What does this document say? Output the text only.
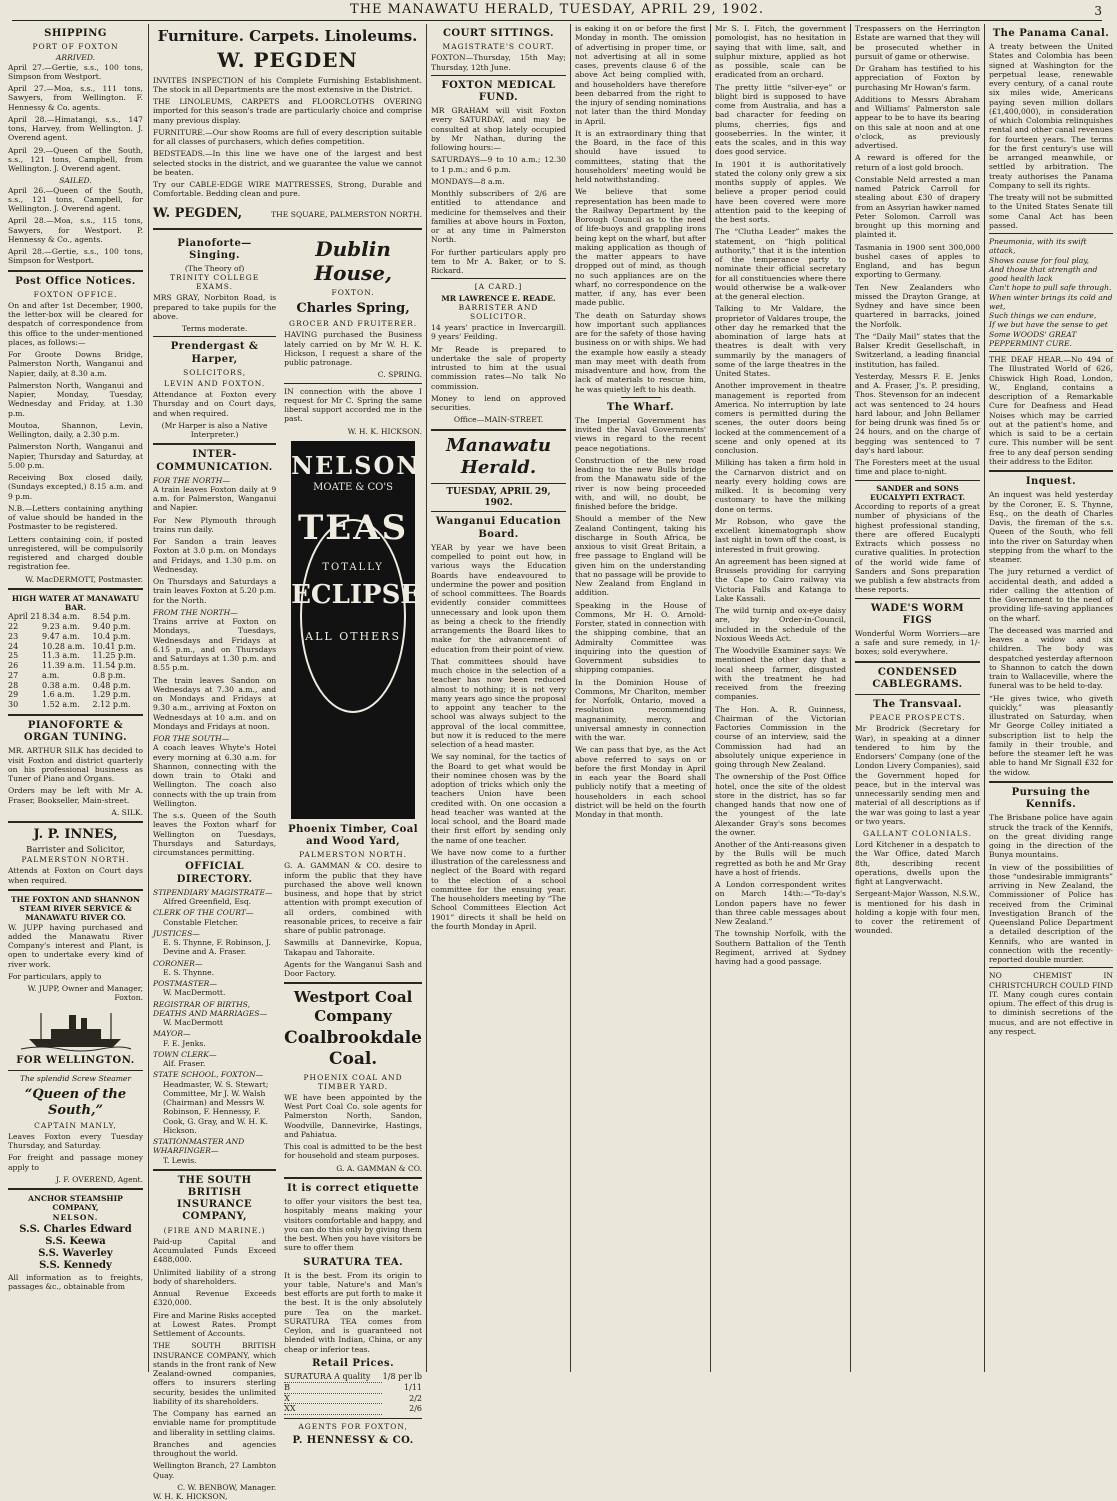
THE MANAWATU HERALD, TUESDAY, APRIL 29, 1902.	3
SHIPPING
PORT OF FOXTON
ARRIVED.

April 27.—Gertie, s.s., 100 tons, Simpson from Westport.

April 27.—Moa, s.s., 111 tons, Sawyers, from Wellington. F. Hennessy & Co. agents.

April 28.—Himatangi, s.s., 147 tons, Harvey, from Wellington. J. Overend agent.

April 29.—Queen of the South, s.s., 121 tons, Campbell, from Wellington. J. Overend agent.

SAILED.

April 26.—Queen of the South, s.s., 121 tons, Campbell, for Wellington. J. Overend agent.

April 28.—Moa, s.s., 115 tons, Sawyers, for Westport. P. Hennessy & Co., agents.

April 28.—Gertie, s.s., 100 tons, Simpson for Westport.

Post Office Notices.
FOXTON OFFICE.

On and after 1st December, 1900, the letter-box will be cleared for despatch of correspondence from this office to the under-mentioned places, as follows:—

For Groote Downs Bridge, Palmerston North, Wanganui and Napier, daily, at 8.30 a.m.

Palmerston North, Wanganui and Napier, Monday, Tuesday, Wednesday and Friday, at 1.30 p.m.

Moutoa, Shannon, Levin, Wellington, daily, a 2.30 p.m.

Palmerston North, Wanganui and Napier, Thursday and Saturday, at 5.00 p.m.

Receiving Box closed daily, (Sundays excepted,) 8.15 a.m. and 9 p.m.

N.B.—Letters containing anything of value should be handed in the Postmaster to be registered.

Letters containing coin, if posted unregistered, will be compulsorily registered and charged double registration fee.

W. MacDERMOTT, Postmaster.
HIGH WATER AT MANAWATU BAR.
April 21 8.34 a.m.	8.54 p.m.
22	9.23 a.m.	9.40 p.m.
23	9.47 a.m.	10.4 p.m.
24	10.28 a.m. 10.41 p.m.
25	11.3 a.m.	11.25 p.m.
26	11.39 a.m. 11.54 p.m.
27	a.m.	0.8 p.m.
28	0.38 a.m.	0.48 p.m.
29	1.6 a.m.	1.29 p.m.
30	1.52 a.m.	2.12 p.m.
PIANOFORTE & ORGAN TUNING.

MR. ARTHUR SILK has decided to visit Foxton and district quarterly on his professional business as Tuner of Piano and Organs.

Orders may be left with Mr A. Fraser, Bookseller, Main-street.

A. SILK.
J. P. INNES,
Barrister and Solicitor,
PALMERSTON NORTH.

Attends at Foxton on Court days when required.

THE FOXTON AND SHANNON STEAM RIVER SERVICE & MANAWATU RIVER CO.

W. JUPP having purchased and added the Manawatu River Company's interest and Plant, is open to undertake every kind of river work.

For particulars, apply to

W. JUPP, Owner and Manager, Foxton.
FOR WELLINGTON.
The splendid Screw Steamer
“Queen of the South,”
CAPTAIN MANLY,

Leaves Foxton every Tuesday Thursday, and Saturday.

For freight and passage money apply to

J. F. OVEREND, Agent.
ANCHOR STEAMSHIP COMPANY,
NELSON.
S.S. Charles Edward
S.S. Keewa
S.S. Waverley
S.S. Kennedy

All information as to freights, passages &c., obtainable from

Furniture. Carpets. Linoleums.
W. PEGDEN

INVITES INSPECTION of his Complete Furnishing Establishment. The stock in all Departments are the most extensive in the District.

THE LINOLEUMS, CARPETS and FLOORCLOTHS OVERING imported for this season's trade are particularly choice and comprise many previous display.

FURNITURE.—Our show Rooms are full of every description suitable for all classes of purchasers, which defies competition.

BEDSTEADS.—In this line we have one of the largest and best selected stocks in the district, and we guarantee the value we cannot be beaten.

Try our CABLE-EDGE WIRE MATTRESSES, Strong, Durable and Comfortable. Bedding clean and pure.

W. PEGDEN,	THE SQUARE, PALMERSTON NORTH.
Pianoforte—Singing.
(The Theory of)
TRINITY COLLEGE EXAMS.

MRS GRAY, Norbiton Road, is prepared to take pupils for the above.

Terms moderate.
Prendergast & Harper,
SOLICITORS,
LEVIN AND FOXTON.

Attendance at Foxton every Thursday and on Court days, and when required.

(Mr Harper is also a Native Interpreter.)

INTER-COMMUNICATION.
FOR THE NORTH—

A train leaves Foxton daily at 9 a.m. for Palmerston, Wanganui and Napier.

For New Plymouth through trains run daily.

For Sandon a train leaves Foxton at 3.0 p.m. on Mondays and Fridays, and 1.30 p.m. on Wednesday.

On Thursdays and Saturdays a train leaves Foxton at 5.20 p.m. for the North.

FROM THE NORTH—

Trains arrive at Foxton on Mondays, Tuesdays, Wednesdays and Fridays at 6.15 p.m., and on Thursdays and Saturdays at 1.30 p.m. and 8.55 p.m.

The train leaves Sandon on Wednesdays at 7.30 a.m., and on Mondays and Fridays at 9.30 a.m., arriving at Foxton on Wednesdays at 10 a.m. and on Mondays and Fridays at noon.

FOR THE SOUTH—

A coach leaves Whyte's Hotel every morning at 6.30 a.m. for Shannon, connecting with the down train to Otaki and Wellington. The coach also connects with the up train from Wellington.

The s.s. Queen of the South leaves the Foxton wharf for Wellington on Tuesdays, Thursdays and Saturdays, circumstances permitting.

OFFICIAL DIRECTORY.
STIPENDIARY MAGISTRATE—
Alfred Greenfield, Esq.
CLERK OF THE COURT—
Constable Fletcher.
JUSTICES—
E. S. Thynne, F. Robinson, J. Devine and A. Fraser.
CORONER—
E. S. Thynne.
POSTMASTER—
W. MacDermott.
REGISTRAR OF BIRTHS, DEATHS AND MARRIAGES—
W. MacDermott
MAYOR—
F. E. Jenks.
TOWN CLERK—
Alf. Fraser.
STATE SCHOOL, FOXTON—
Headmaster, W. S. Stewart; Committee, Mr J. W. Walsh (Chairman) and Messrs W. Robinson, F. Hennessy, F. Cook, G. Gray, and W. H. K. Hickson.
STATIONMASTER AND WHARFINGER—
T. Lewis.
THE SOUTH BRITISH INSURANCE COMPANY,
(FIRE AND MARINE.)

Paid-up Capital and Accumulated Funds Exceed £488,000.

Unlimited liability of a strong body of shareholders.

Annual Revenue Exceeds £320,000.

Fire and Marine Risks accepted at Lowest Rates. Prompt Settlement of Accounts.

THE SOUTH BRITISH INSURANCE COMPANY, which stands in the front rank of New Zealand-owned companies, offers to insurers sterling security, besides the unlimited liability of its shareholders.

The Company has earned an enviable name for promptitude and liberality in settling claims.

Branches and agencies throughout the world.

Wellington Branch, 27 Lambton Quay.

C. W. BENBOW, Manager.
W. H. K. HICKSON,
Dublin House,
FOXTON.
Charles Spring,
GROCER AND FRUITERER.

HAVING purchased the Business lately carried on by Mr W. H. K. Hickson, I request a share of the public patronage.

C. SPRING.

IN connection with the above I request for Mr C. Spring the same liberal support accorded me in the past.

W. H. K. HICKSON.
NELSON
MOATE & CO'S
TEAS
TOTALLY
ECLIPSE
ALL OTHERS
Phoenix Timber, Coal and Wood Yard,
PALMERSTON NORTH.

G. A. GAMMAN & CO. desire to inform the public that they have purchased the above well known business, and hope that by strict attention with prompt execution of all orders, combined with reasonable prices, to receive a fair share of public patronage.

Sawmills at Dannevirke, Kopua, Takapau and Tahoraite.

Agents for the Wanganui Sash and Door Factory.

Westport Coal Company
Coalbrookdale Coal.
PHOENIX COAL AND TIMBER YARD.

WE have been appointed by the West Port Coal Co. sole agents for Palmerston North, Sandon, Woodville, Dannevirke, Hastings, and Pahiatua.

This coal is admitted to be the best for household and steam purposes.

G. A. GAMMAN & CO.
It is correct etiquette

to offer your visitors the best tea, hospitably means making your visitors comfortable and happy, and you can do this only by giving them the best. When you have visitors be sure to offer them

SURATURA TEA.

It is the best. From its origin to your table, Nature's and Man's best efforts are put forth to make it the best. It is the only absolutely pure Tea on the market. SURATURA TEA comes from Ceylon, and is guaranteed not blended with Indian, China, or any cheap or inferior teas.

Retail Prices.
SURATURA A quality	1/8 per lb
B	1/11
X	2/2
XX	2/6
AGENTS FOR FOXTON,
P. HENNESSY & CO.
COURT SITTINGS.
MAGISTRATE'S COURT.

FOXTON—Thursday, 15th May; Thursday, 12th June.

FOXTON MEDICAL FUND.

MR GRAHAM will visit Foxton every SATURDAY, and may be consulted at shop lately occupied by Mr Nathan, during the following hours:—

SATURDAYS—9 to 10 a.m.; 12.30 to 1 p.m.; and 6 p.m.

MONDAYS—8 a.m.

Monthly subscribers of 2/6 are entitled to attendance and medicine for themselves and their families at above hours in Foxton, or at any time in Palmerston North.

For further particulars apply pro tem to Mr A. Baker, or to S. Rickard.

[A CARD.]
MR LAWRENCE E. READE.
BARRISTER AND SOLICITOR.

14 years' practice in Invercargill. 9 years' Feilding.

Mr Reade is prepared to undertake the sale of property intrusted to him at the usual commission rates—No talk No commission.

Money to lend on approved securities.

Office—MAIN-STREET.
Manawatu Herald.
TUESDAY, APRIL 29, 1902.
Wanganui Education Board.

YEAR by year we have been compelled to point out how, in various ways the Education Boards have endeavoured to undermine the power and position of school committees. The Boards evidently consider committees unnecessary and look upon them as being a check to the friendly arrangements the Board likes to make for the advancement of education from their point of view.

That committees should have much choice in the selection of a teacher has now been reduced almost to nothing; it is not very many years ago since the proposal to appoint any teacher to the school was always subject to the approval of the local committee, but now it is reduced to the mere selection of a head master.

We say nominal, for the tactics of the Board to get what would be their nominee chosen was by the adoption of tricks which only the teachers Union have been credited with. On one occasion a head teacher was wanted at the local school, and the Board made their first effort by sending only the name of one teacher.

We have now come to a further illustration of the carelessness and neglect of the Board with regard to the election of a school committee for the ensuing year. The householders meeting by “The School Committees Election Act 1901” directs it shall be held on the fourth Monday in April.

is eaking it on or before the first Monday in month. The omission of advertising in proper time, or not advertising at all in some cases, prevents clause 6 of the above Act being complied with, and householders have therefore been debarred from the right to the injury of sending nominations not later than the third Monday in April.

It is an extraordinary thing that the Board, in the face of this should have issued to committees, stating that the householders' meeting would be held notwithstanding.

We believe that some representation has been made to the Railway Department by the Borough Council as to the need of life-buoys and grappling irons being kept on the wharf, but after making application as though of the matter appears to have dropped out of mind, as though no such appliances are on the wharf, no correspondence on the matter, if any, has ever been made public.

The death on Saturday shows how important such appliances are for the safety of those having business on or with ships. We had the example how easily a steady man may meet with death from misadventure and how, from the lack of materials to rescue him, he was quietly left to his death.

The Wharf.

The Imperial Government has invited the Naval Governments' views in regard to the recent peace negotiations.

Construction of the new road leading to the new Bulls bridge from the Manawatu side of the river is now being proceeded with, and will, no doubt, be finished before the bridge.

Should a member of the New Zealand Contingent, taking his discharge in South Africa, be anxious to visit Great Britain, a free passage to England will be given him on the understanding that no passage will be provide to New Zealand from England in addition.

Speaking in the House of Commons, Mr H. O. Arnold-Forster, stated in connection with the shipping combine, that an Admiralty Committee was inquiring into the question of Government subsidies to shipping companies.

In the Dominion House of Commons, Mr Charlton, member for Norfolk, Ontario, moved a resolution recommending magnanimity, mercy, and universal amnesty in connection with the war.

We can pass that bye, as the Act above referred to says on or before the first Monday in April in each year the Board shall publicly notify that a meeting of householders in each school district will be held on the fourth Monday in that month.

Mr S. I. Fitch, the government pomologist, has no hesitation in saying that with lime, salt, and sulphur mixture, applied as hot as possible, scale can be eradicated from an orchard.

The pretty little “silver-eye” or blight bird is supposed to have come from Australia, and has a bad character for feeding on plums, cherries, figs and gooseberries. In the winter, it eats the scales, and in this way does good service.

In 1901 it is authoritatively stated the colony only grew a six months supply of apples. We believe a proper period could have been covered were more attention paid to the keeping of the best sorts.

The “Clutha Leader” makes the statement, on “high political authority,” that it is the intention of the temperance party to nominate their official secretary for all constituencies where there would otherwise be a walk-over at the general election.

Talking to Mr Valdare, the proprietor of Valdares troupe, the other day he remarked that the abomination of large hats at theatres is dealt with very summarily by the managers of some of the large theatres in the United States.

Another improvement in theatre management is reported from America. No interruption by late comers is permitted during the scenes, the outer doors being locked at the commencement of a scene and only opened at its conclusion.

Milking has taken a firm hold in the Carnarvon district and on nearly every holding cows are milked. It is becoming very customary to have the milking done on terms.

Mr Robson, who gave the excellent kinematograph show last night in town off the coast, is interested in fruit growing.

An agreement has been signed at Brussels providing for carrying the Cape to Cairo railway via Victoria Falls and Katanga to Lake Kassali.

The wild turnip and ox-eye daisy are, by Order-in-Council, included in the schedule of the Noxious Weeds Act.

The Woodville Examiner says: We mentioned the other day that a local sheep farmer, disgusted with the treatment he had received from the freezing companies.

The Hon. A. R. Guinness, Chairman of the Victorian Factories Commission in the course of an interview, said the Commission had had an absolutely unique experience in going through New Zealand.

The ownership of the Post Office hotel, once the site of the oldest store in the district, has so far changed hands that now one of the youngest of the late Alexander Gray's sons becomes the owner.

Another of the Anti-reasons given by the Bulls will be much regretted as both he and Mr Gray have a host of friends.

A London correspondent writes on March 14th:—“To-day's London papers have no fewer than three cable messages about New Zealand.”

The township Norfolk, with the Southern Battalion of the Tenth Regiment, arrived at Sydney having had a good passage.

Trespassers on the Herrington Estate are warned that they will be prosecuted whether in pursuit of game or otherwise.

Dr Graham has testified to his appreciation of Foxton by purchasing Mr Howan's farm.

Additions to Messrs Abraham and Williams' Palmerston sale appear to be to have its bearing on this sale at noon and at one o'clock, as previously advertised.

A reward is offered for the return of a lost gold brooch.

Constable Neld arrested a man named Patrick Carroll for stealing about £30 of drapery from an Assyrian hawker named Peter Solomon. Carroll was brought up this morning and plainted it.

Tasmania in 1900 sent 300,000 bushel cases of apples to England, and has begun exporting to Germany.

Ten New Zealanders who missed the Drayton Grange, at Sydney and have since been quartered in barracks, joined the Norfolk.

The “Daily Mail” states that the Balser Kredit Gesellschaft, in Switzerland, a leading financial institution, has failed.

Yesterday, Messrs F. E. Jenks and A. Fraser, J's. P. presiding, Thos. Stevenson for an indecent act was sentenced to 24 hours hard labour, and John Bellamer for being drunk was fined 5s or 24 hours, and on the charge of begging was sentenced to 7 day's hard labour.

The Foresters meet at the usual time and place to-night.

SANDER and SONS EUCALYPTI EXTRACT.

According to reports of a great number of physicians of the highest professional standing, there are offered Eucalypti Extracts which possess no curative qualities. In protection of the world wide fame of Sanders and Sons preparation we publish a few abstracts from these reports.

WADE'S WORM FIGS

Wonderful Worm Worriers—are a safe and sure remedy, in 1/- boxes; sold everywhere.

CONDENSED CABLEGRAMS.
The Transvaal.
PEACE PROSPECTS.

Mr Brodrick (Secretary for War), in speaking at a dinner tendered to him by the Endorsers' Company (one of the London Livery Companies), said the Government hoped for peace, but in the interval was unnecessarily sending men and material of all descriptions as if the war was going to last a year or two years.

GALLANT COLONIALS.

Lord Kitchener in a despatch to the War Office, dated March 8th, describing recent operations, dwells upon the fight at Langverwacht.

Sergeant-Major Wasson, N.S.W., is mentioned for his dash in holding a kopje with four men, to cover the retirement of wounded.

The Panama Canal.

A treaty between the United States and Colombia has been signed at Washington for the perpetual lease, renewable every century, of a canal route six miles wide, Americans paying seven million dollars (£1,400,000), in consideration of which Colombia relinquishes rental and other canal revenues for fourteen years. The terms for the first century's use will be arranged meanwhile, or settled by arbitration. The treaty authorises the Panama Company to sell its rights.

The treaty will not be submitted to the United States Senate till some Canal Act has been passed.

Pneumonia, with its swift attack,
Shows cause for foul play,
And those that strength and good health lack
Can't hope to pull safe through.
When winter brings its cold and wet,
Such things we can endure,
If we but have the sense to get
Some WOODS' GREAT PEPPERMINT CURE.

THE DEAF HEAR.—No 494 of The Illustrated World of 626, Chiswick High Road, London, W., England, contains a description of a Remarkable Cure for Deafness and Head Noises which may be carried out at the patient's home, and which is said to be a certain cure. This number will be sent free to any deaf person sending their address to the Editor.

Inquest.

An inquest was held yesterday by the Coroner, E. S. Thynne, Esq., on the death of Charles Davis, the fireman of the s.s. Queen of the South, who fell into the river on Saturday when stepping from the wharf to the steamer.

The jury returned a verdict of accidental death, and added a rider calling the attention of the Government to the need of providing life-saving appliances on the wharf.

The deceased was married and leaves a widow and six children. The body was despatched yesterday afternoon to Shannon to catch the down train to Wallaceville, where the funeral was to be held to-day.

“He gives twice, who giveth quickly,” was pleasantly illustrated on Saturday, when Mr George Colley initiated a subscription list to help the family in their trouble, and before the steamer left he was able to hand Mr Signall £32 for the widow.

Pursuing the Kennifs.

The Brisbane police have again struck the track of the Kennifs, on the great dividing range going in the direction of the Bunya mountains.

In view of the possibilities of those “undesirable immigrants” arriving in New Zealand, the Commissioner of Police has received from the Criminal Investigation Branch of the Queensland Police Department a detailed description of the Kennifs, who are wanted in connection with the recently-reported double murder.

NO CHEMIST IN CHRISTCHURCH COULD FIND IT. Many cough cures contain opium. The effect of this drug is to diminish secretions of the mucus, and are not effective in any respect.
